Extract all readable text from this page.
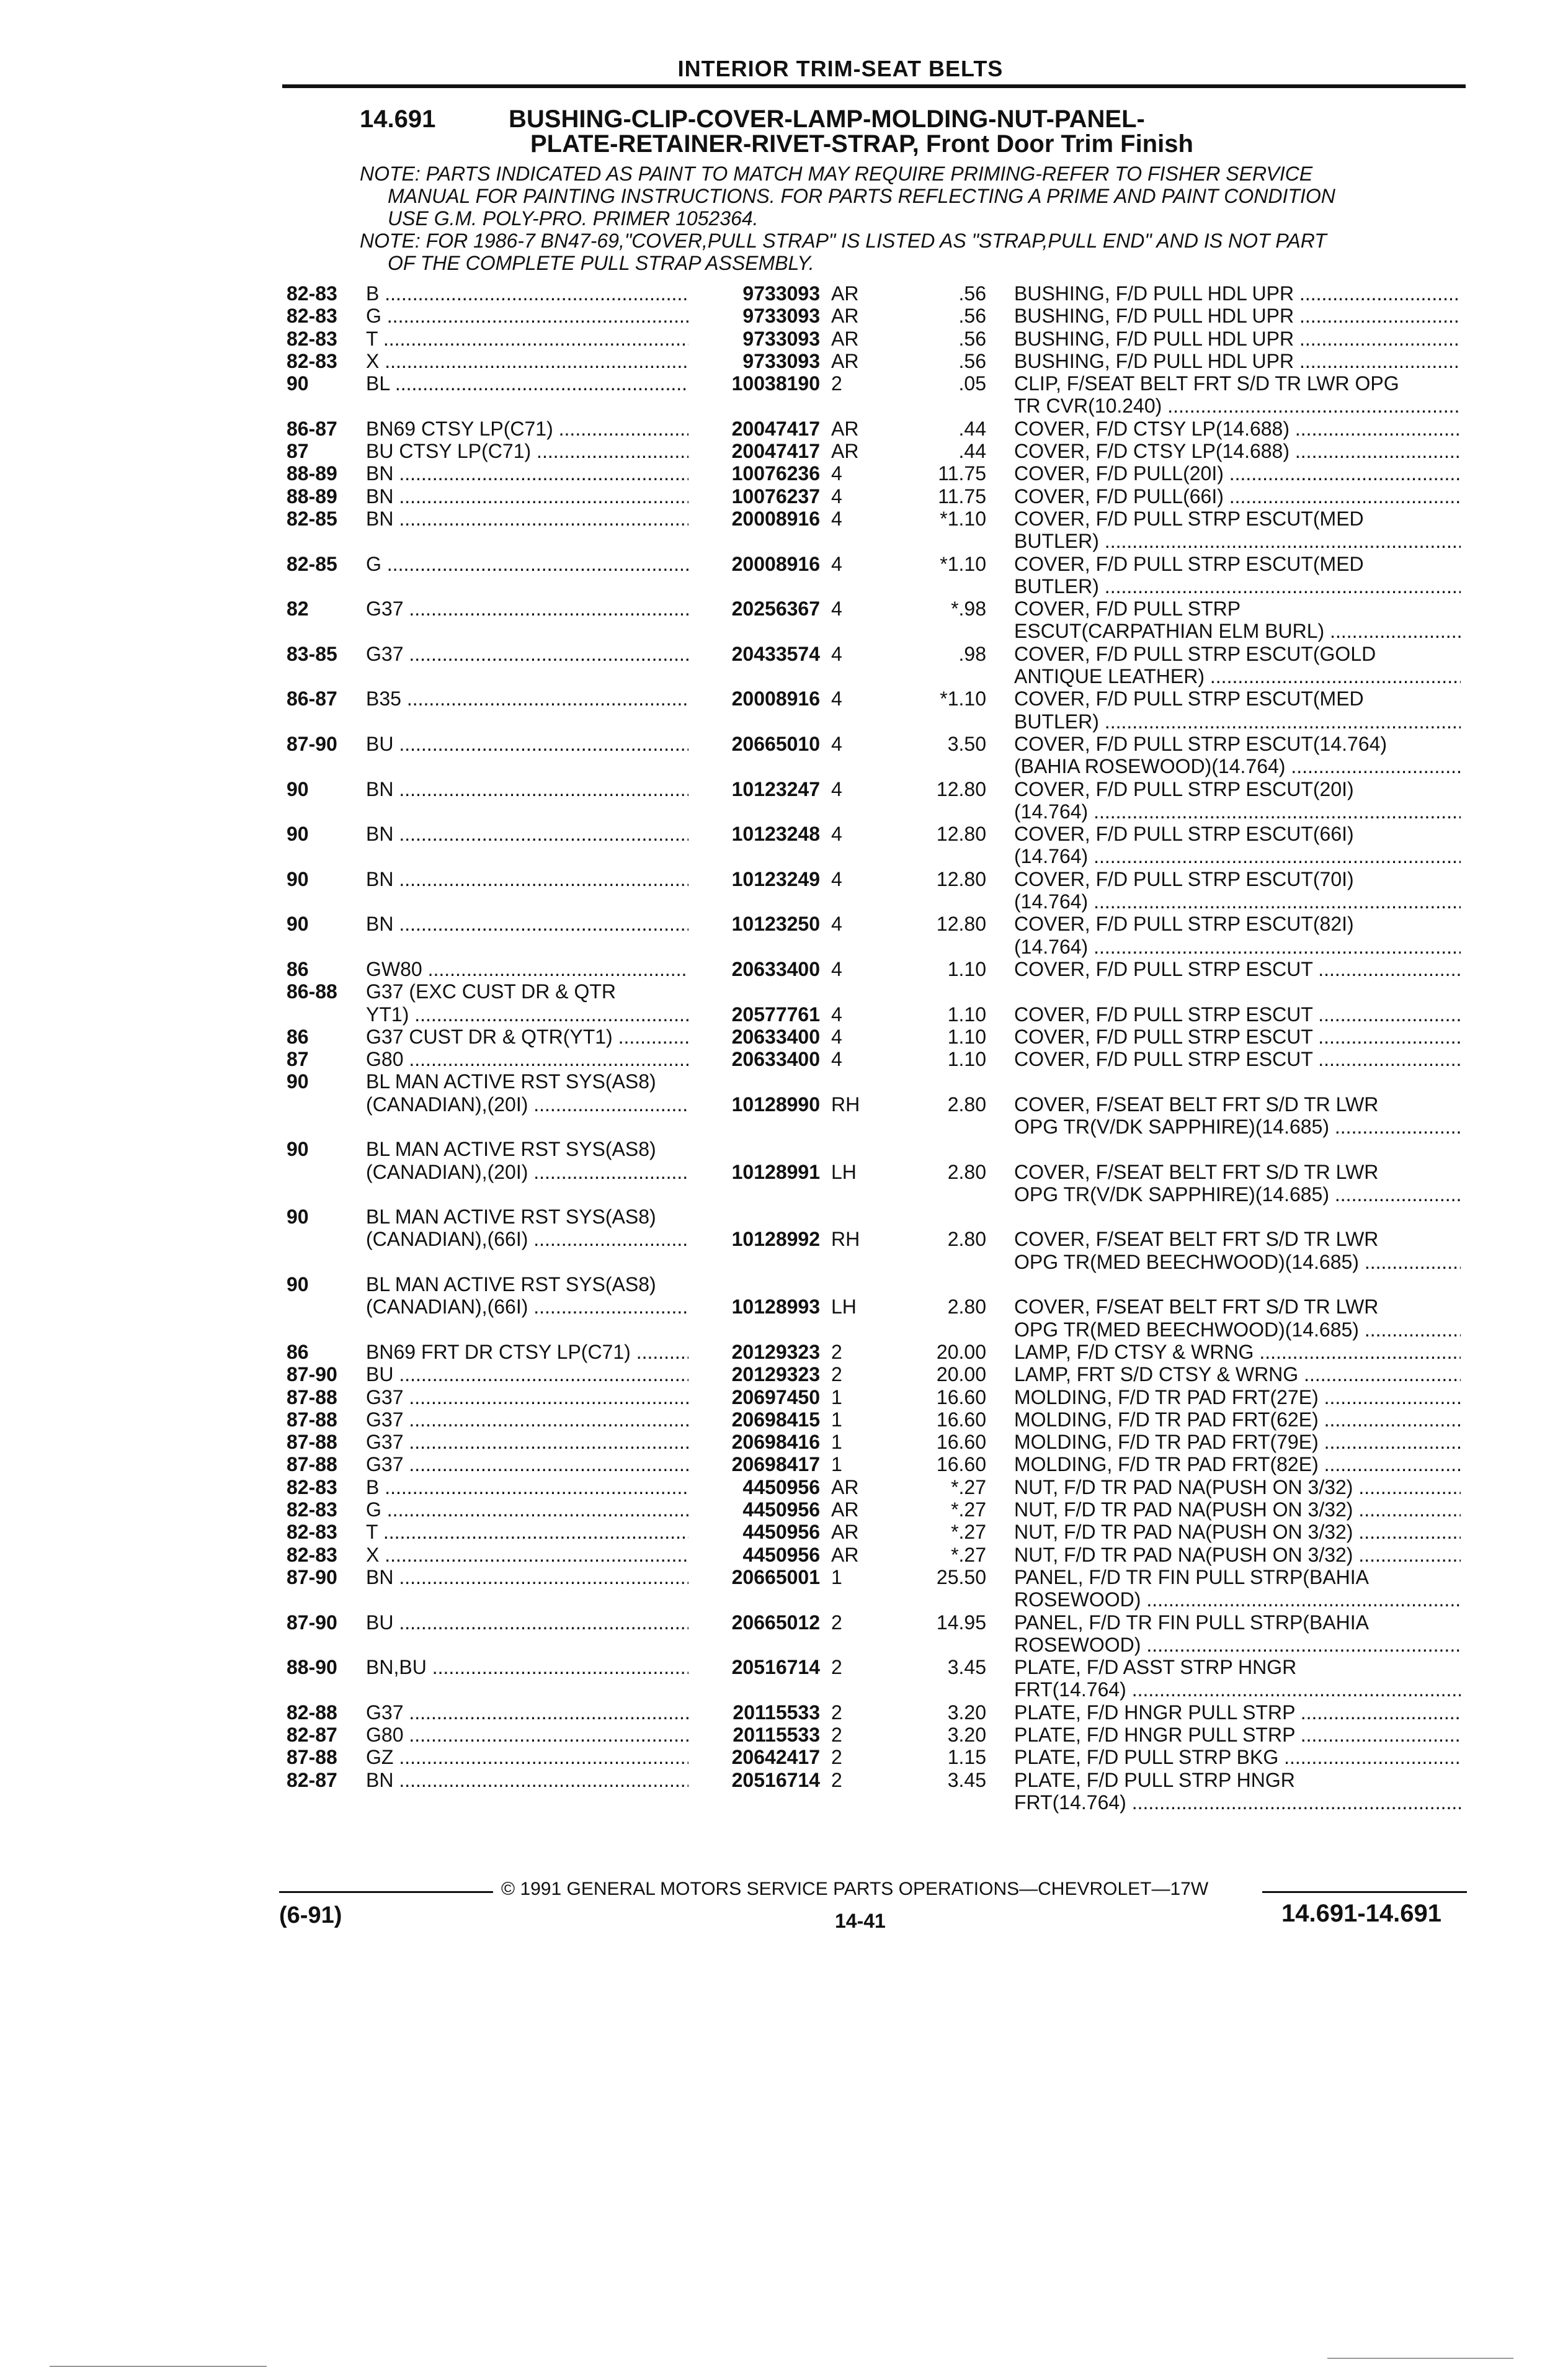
INTERIOR TRIM-SEAT BELTS
14.691	BUSHING-CLIP-COVER-LAMP-MOLDING-NUT-PANEL-
PLATE-RETAINER-RIVET-STRAP, Front Door Trim Finish
NOTE: PARTS INDICATED AS PAINT TO MATCH MAY REQUIRE PRIMING-REFER TO FISHER SERVICE
MANUAL FOR PAINTING INSTRUCTIONS. FOR PARTS REFLECTING A PRIME AND PAINT CONDITION
USE G.M. POLY-PRO. PRIMER 1052364.
NOTE: FOR 1986-7 BN47-69,"COVER,PULL STRAP" IS LISTED AS "STRAP,PULL END" AND IS NOT PART
OF THE COMPLETE PULL STRAP ASSEMBLY.

82-83	B .....	9733093 AR	.56 BUSHING, F/D PULL HDL UPR .....

82-83	G .....	9733093 AR	.56 BUSHING, F/D PULL HDL UPR .....

82-83	T .....	9733093 AR	.56 BUSHING, F/D PULL HDL UPR .....

82-83	X .....	9733093 AR	.56 BUSHING, F/D PULL HDL UPR .....

90	BL .....	10038190 2	.05 CLIP, F/SEAT BELT FRT S/D TR LWR OPG

TR CVR(10.240) .....

86-87	BN69 CTSY LP(C71) .....	20047417 AR	.44 COVER, F/D CTSY LP(14.688) .....

87	BU CTSY LP(C71) .....	20047417 AR	.44 COVER, F/D CTSY LP(14.688) .....

88-89	BN .....	10076236 4	11.75 COVER, F/D PULL(20I) .....

88-89	BN .....	10076237 4	11.75 COVER, F/D PULL(66I) .....

82-85	BN .....	20008916 4	*1.10 COVER, F/D PULL STRP ESCUT(MED

BUTLER) .....

82-85	G .....	20008916 4	*1.10 COVER, F/D PULL STRP ESCUT(MED

BUTLER) .....

82	G37 .....	20256367 4	*.98 COVER, F/D PULL STRP

ESCUT(CARPATHIAN ELM BURL) .....

83-85	G37 .....	20433574 4	.98 COVER, F/D PULL STRP ESCUT(GOLD

ANTIQUE LEATHER) .....

86-87	B35 .....	20008916 4	*1.10 COVER, F/D PULL STRP ESCUT(MED

BUTLER) .....

87-90	BU .....	20665010 4	3.50 COVER, F/D PULL STRP ESCUT(14.764)

(BAHIA ROSEWOOD)(14.764) .....

90	BN .....	10123247 4	12.80 COVER, F/D PULL STRP ESCUT(20I)

(14.764) .....

90	BN .....	10123248 4	12.80 COVER, F/D PULL STRP ESCUT(66I)

(14.764) .....

90	BN .....	10123249 4	12.80 COVER, F/D PULL STRP ESCUT(70I)

(14.764) .....

90	BN .....	10123250 4	12.80 COVER, F/D PULL STRP ESCUT(82I)

(14.764) .....

86	GW80 .....	20633400 4	1.10 COVER, F/D PULL STRP ESCUT .....

86-88	G37 (EXC CUST DR & QTR

YT1) .....	20577761 4	1.10 COVER, F/D PULL STRP ESCUT .....

86	G37 CUST DR & QTR(YT1) .....	20633400 4	1.10 COVER, F/D PULL STRP ESCUT .....

87	G80 .....	20633400 4	1.10 COVER, F/D PULL STRP ESCUT .....

90	BL MAN ACTIVE RST SYS(AS8)

(CANADIAN),(20I) .....	10128990 RH	2.80 COVER, F/SEAT BELT FRT S/D TR LWR

OPG TR(V/DK SAPPHIRE)(14.685) .....

90	BL MAN ACTIVE RST SYS(AS8)

(CANADIAN),(20I) .....	10128991 LH	2.80 COVER, F/SEAT BELT FRT S/D TR LWR

OPG TR(V/DK SAPPHIRE)(14.685) .....

90	BL MAN ACTIVE RST SYS(AS8)

(CANADIAN),(66I) .....	10128992 RH	2.80 COVER, F/SEAT BELT FRT S/D TR LWR

OPG TR(MED BEECHWOOD)(14.685) .....

90	BL MAN ACTIVE RST SYS(AS8)

(CANADIAN),(66I) .....	10128993 LH	2.80 COVER, F/SEAT BELT FRT S/D TR LWR

OPG TR(MED BEECHWOOD)(14.685) .....

86	BN69 FRT DR CTSY LP(C71) .....	20129323 2	20.00 LAMP, F/D CTSY & WRNG .....

87-90	BU .....	20129323 2	20.00 LAMP, FRT S/D CTSY & WRNG .....

87-88	G37 .....	20697450 1	16.60 MOLDING, F/D TR PAD FRT(27E) .....

87-88	G37 .....	20698415 1	16.60 MOLDING, F/D TR PAD FRT(62E) .....

87-88	G37 .....	20698416 1	16.60 MOLDING, F/D TR PAD FRT(79E) .....

87-88	G37 .....	20698417 1	16.60 MOLDING, F/D TR PAD FRT(82E) .....

82-83	B .....	4450956 AR	*.27 NUT, F/D TR PAD NA(PUSH ON 3/32) .....

82-83	G .....	4450956 AR	*.27 NUT, F/D TR PAD NA(PUSH ON 3/32) .....

82-83	T .....	4450956 AR	*.27 NUT, F/D TR PAD NA(PUSH ON 3/32) .....

82-83	X .....	4450956 AR	*.27 NUT, F/D TR PAD NA(PUSH ON 3/32) .....

87-90	BN .....	20665001 1	25.50 PANEL, F/D TR FIN PULL STRP(BAHIA

ROSEWOOD) .....

87-90	BU .....	20665012 2	14.95 PANEL, F/D TR FIN PULL STRP(BAHIA

ROSEWOOD) .....

88-90	BN,BU .....	20516714 2	3.45 PLATE, F/D ASST STRP HNGR

FRT(14.764) .....

82-88	G37 .....	20115533 2	3.20 PLATE, F/D HNGR PULL STRP .....

82-87	G80 .....	20115533 2	3.20 PLATE, F/D HNGR PULL STRP .....

87-88	GZ .....	20642417 2	1.15 PLATE, F/D PULL STRP BKG .....

82-87	BN .....	20516714 2	3.45 PLATE, F/D PULL STRP HNGR

FRT(14.764) .....
© 1991 GENERAL MOTORS SERVICE PARTS OPERATIONS—CHEVROLET—17W
(6-91)	14-41	14.691-14.691
